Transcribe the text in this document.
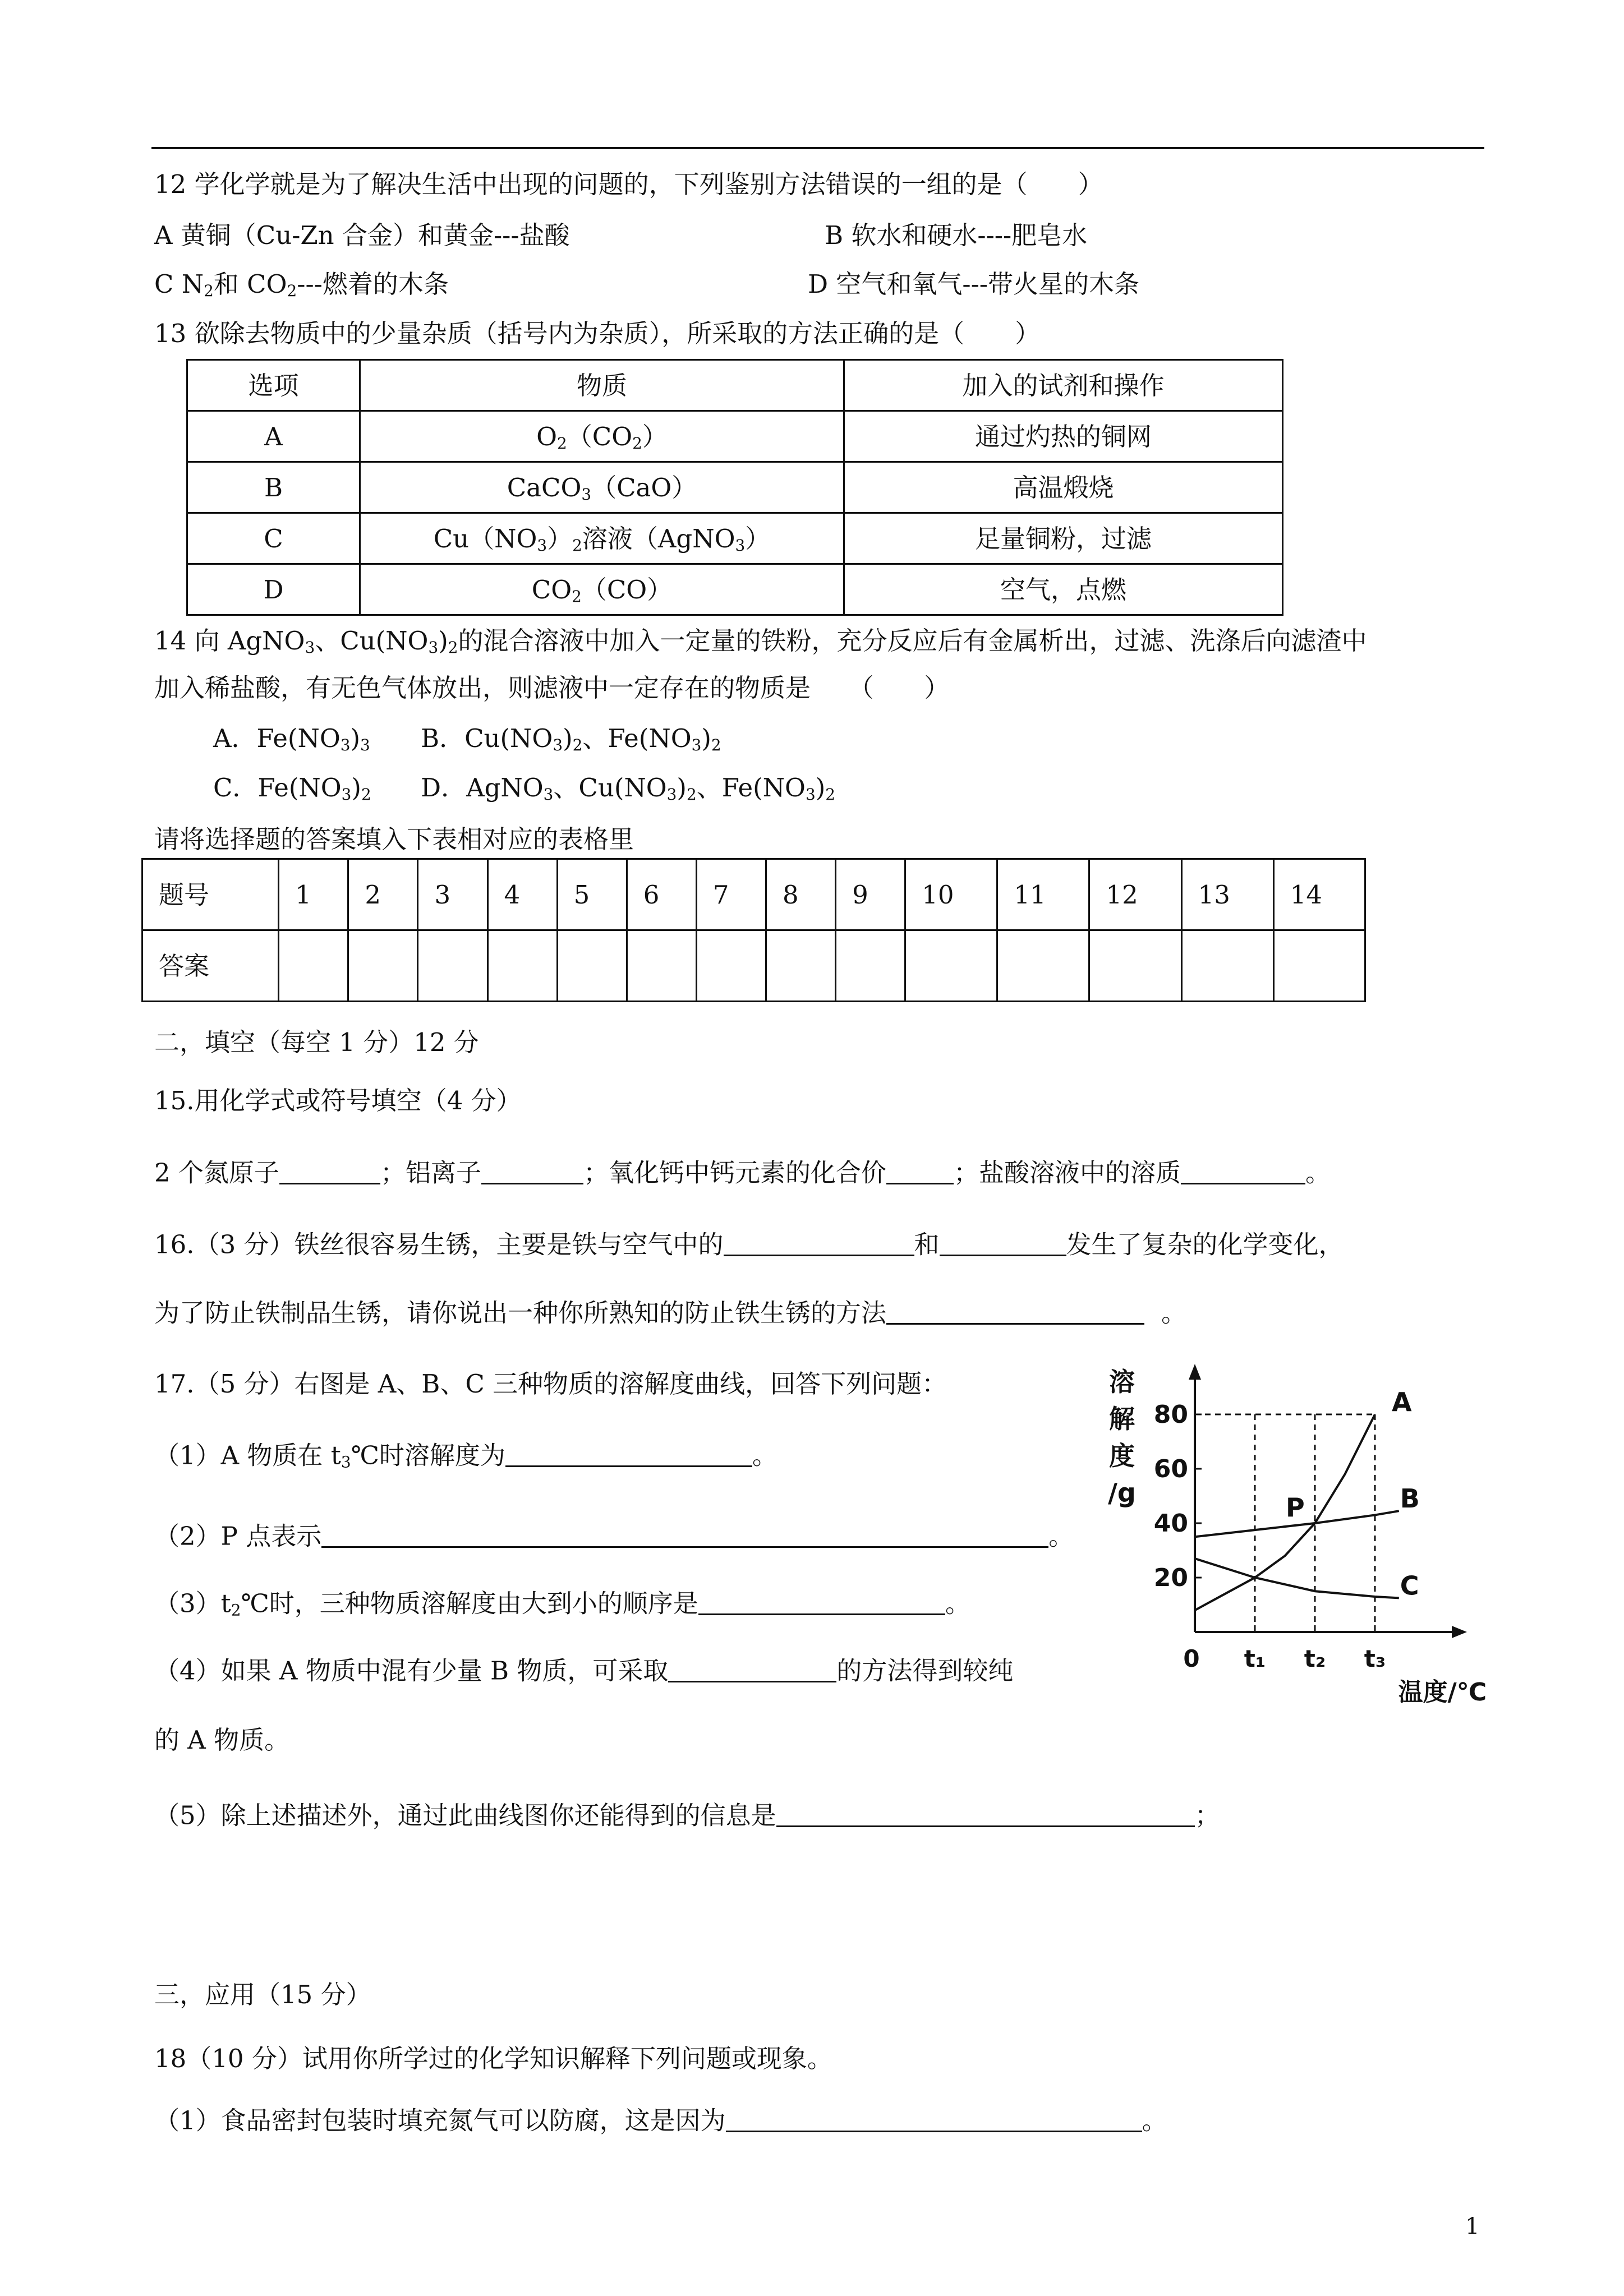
12 学化学就是为了解决生活中出现的问题的，下列鉴别方法错误的一组的是（　　）
A 黄铜（Cu-Zn 合金）和黄金---盐酸	B 软水和硬水----肥皂水
C $N_2$和 $CO_2---$燃着的木条	D 空气和氧气---带火星的木条
13 欲除去物质中的少量杂质（括号内为杂质），所采取的方法正确的是（　　）
选项	物质	加入的试剂和操作
A	$O_2(CO_2)$	通过灼热的铜网
B	CaCO$_3$（CaO）	高温煅烧
C	$Cu(NO_3)_2$溶液（AgNO$_3$）	足量铜粉，过滤
D	$CO_2(CO)$	空气，点燃
14 向 AgNO$_3$、$Cu(NO_3)_2$的混合溶液中加入一定量的铁粉，充分反应后有金属析出，过滤、洗涤后向滤渣中
加入稀盐酸，有无色气体放出，则滤液中一定存在的物质是　　（　　）
A．$Fe(NO_3)_3$ B．$Cu(NO_3)_2$、$Fe(NO_3)_2$
C．$Fe(NO_3)_2$ D．AgNO$_3$、$Cu(NO_3)_2$、$Fe(NO_3)_2$
请将选择题的答案填入下表相对应的表格里
题号	1	2	3	4	5	6	7	8	9	10	11	12	13	14
答案														
二，填空（每空 1 分）12 分
15.用化学式或符号填空（4 分）
2 个氮原子	；铝离子	；氧化钙中钙元素的化合价	；盐酸溶液中的溶质	。
16.（3 分）铁丝很容易生锈，主要是铁与空气中的	和	发生了复杂的化学变化，
为了防止铁制品生锈，请你说出一种你所熟知的防止铁生锈的方法	。
17.（5 分）右图是 A、B、C 三种物质的溶解度曲线，回答下列问题：
（1）A 物质在 $t_3℃$时溶解度为	。
（2）P 点表示	。
$(3)t_2℃$时，三种物质溶解度由大到小的顺序是	。
（4）如果 A 物质中混有少量 B 物质，可采取	的方法得到较纯
的 A 物质。
（5）除上述描述外，通过此曲线图你还能得到的信息是	；
20
40
60
80
0 t₁ t₂ t₃
A
B
C
P
溶
解
度
/g
温度/℃
三，应用（15 分）
18（10 分）试用你所学过的化学知识解释下列问题或现象。
（1）食品密封包装时填充氮气可以防腐，这是因为	。
1
